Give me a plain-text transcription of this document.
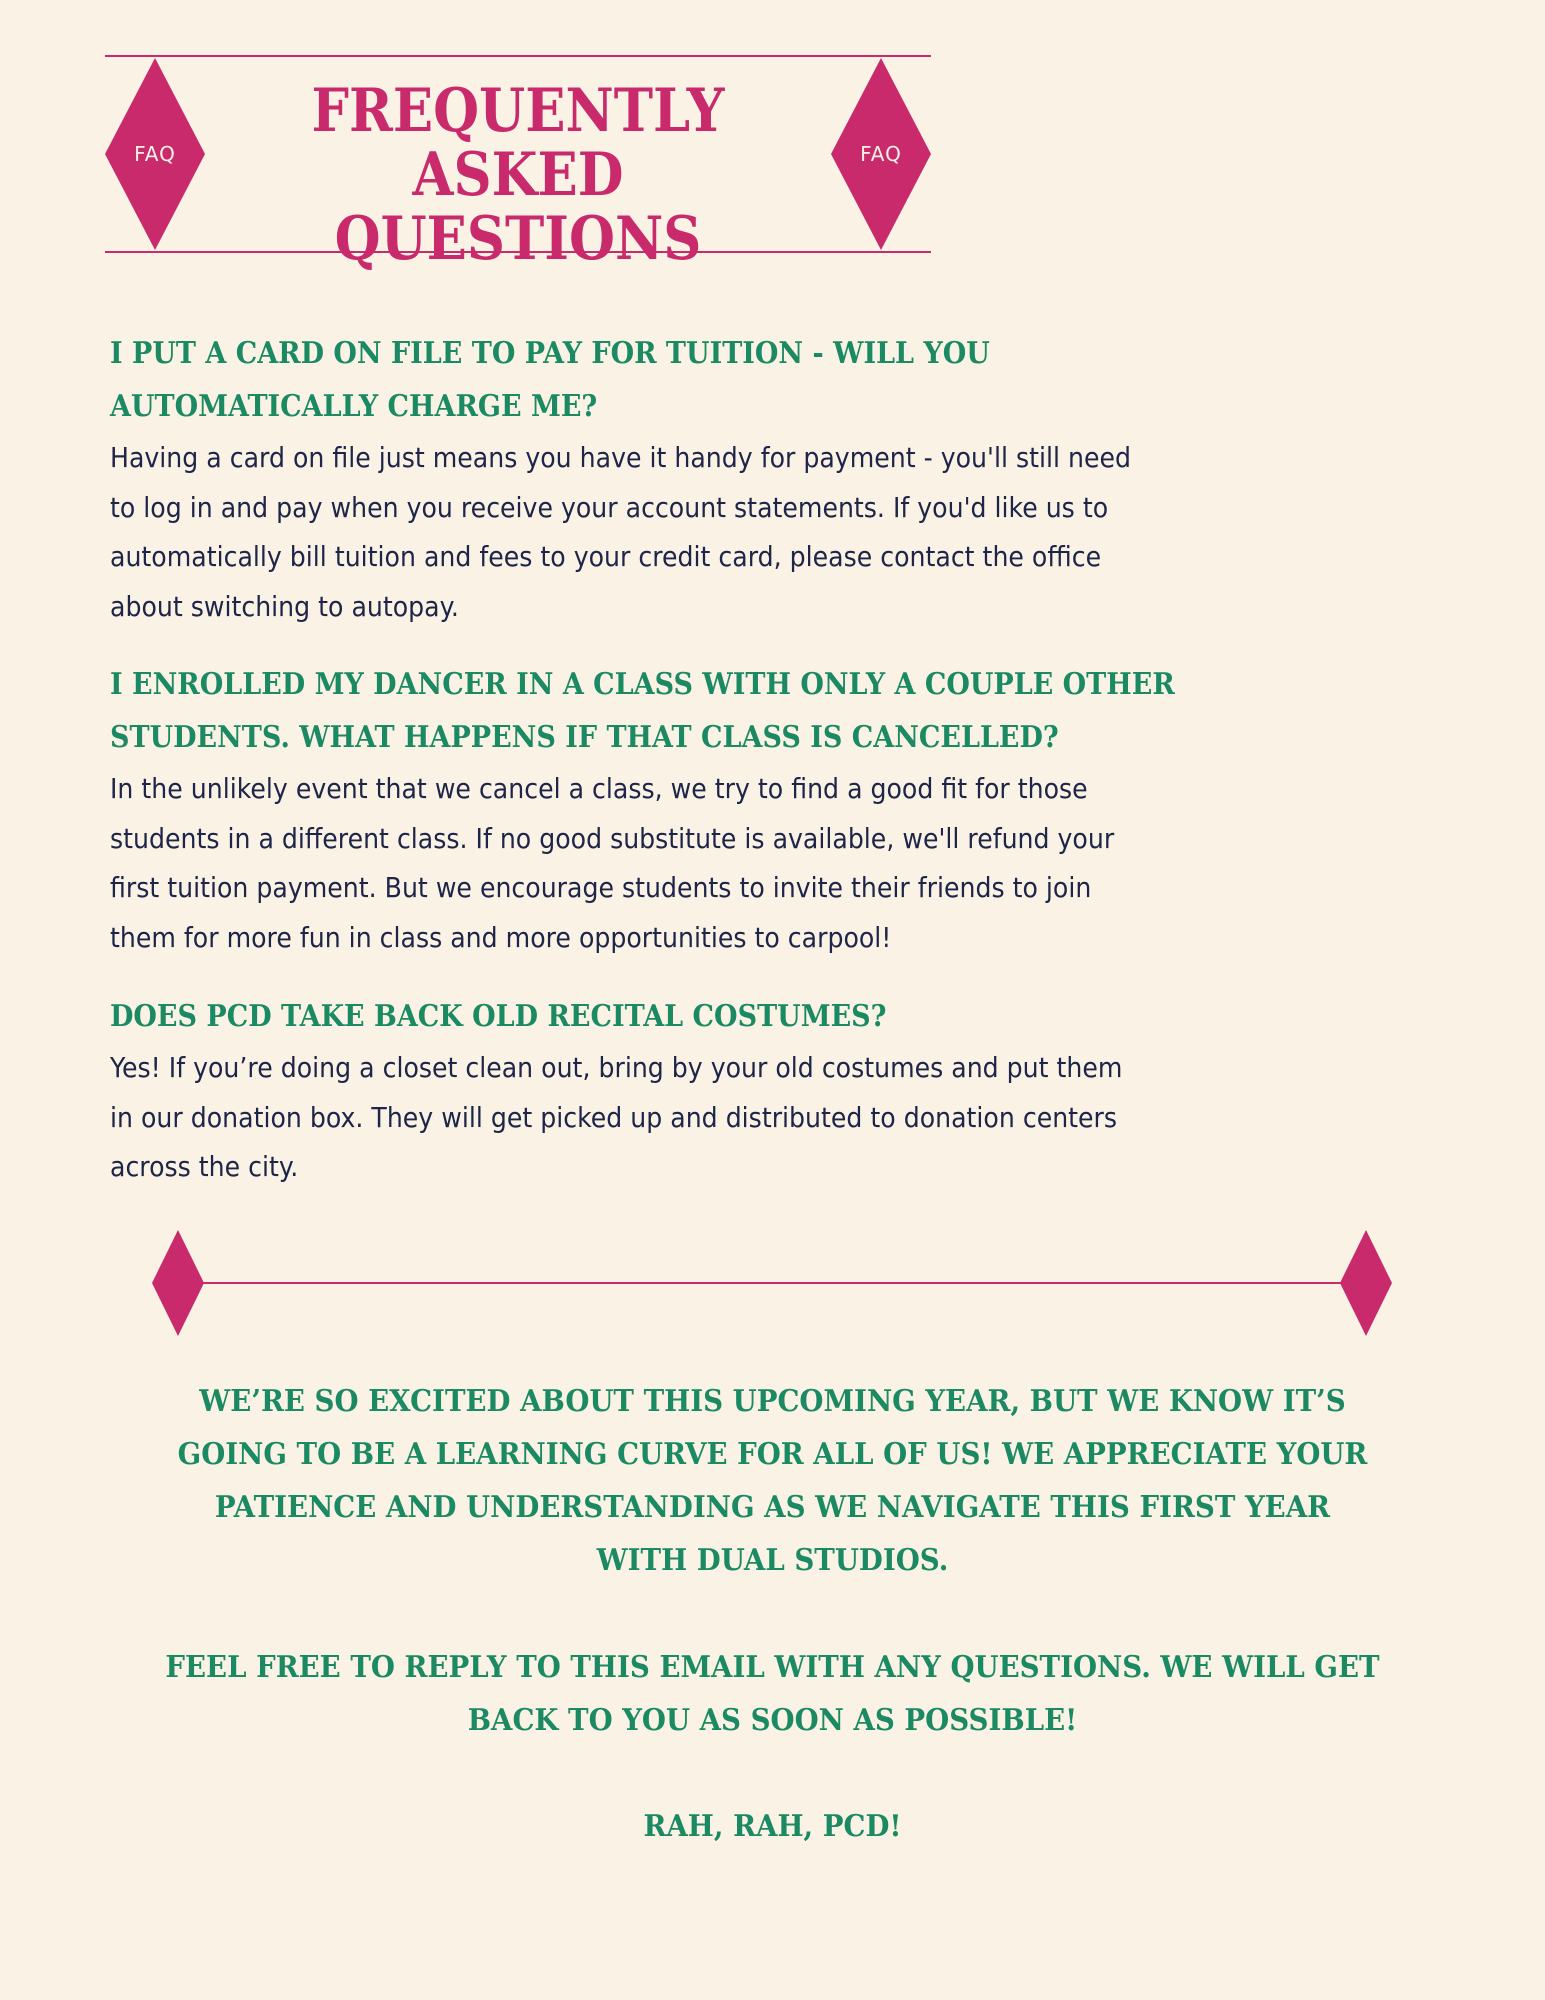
FAQ
FREQUENTLY
ASKED QUESTIONS
FAQ
I PUT A CARD ON FILE TO PAY FOR TUITION - WILL YOU
AUTOMATICALLY CHARGE ME?
Having a card on file just means you have it handy for payment - you'll still need
to log in and pay when you receive your account statements. If you'd like us to
automatically bill tuition and fees to your credit card, please contact the office
about switching to autopay.
I ENROLLED MY DANCER IN A CLASS WITH ONLY A COUPLE OTHER
STUDENTS. WHAT HAPPENS IF THAT CLASS IS CANCELLED?
In the unlikely event that we cancel a class, we try to find a good fit for those
students in a different class. If no good substitute is available, we'll refund your
first tuition payment. But we encourage students to invite their friends to join
them for more fun in class and more opportunities to carpool!
DOES PCD TAKE BACK OLD RECITAL COSTUMES?
Yes! If you’re doing a closet clean out, bring by your old costumes and put them
in our donation box. They will get picked up and distributed to donation centers
across the city.
WE’RE SO EXCITED ABOUT THIS UPCOMING YEAR, BUT WE KNOW IT’S
GOING TO BE A LEARNING CURVE FOR ALL OF US! WE APPRECIATE YOUR
PATIENCE AND UNDERSTANDING AS WE NAVIGATE THIS FIRST YEAR
WITH DUAL STUDIOS.
FEEL FREE TO REPLY TO THIS EMAIL WITH ANY QUESTIONS. WE WILL GET
BACK TO YOU AS SOON AS POSSIBLE!
RAH, RAH, PCD!
